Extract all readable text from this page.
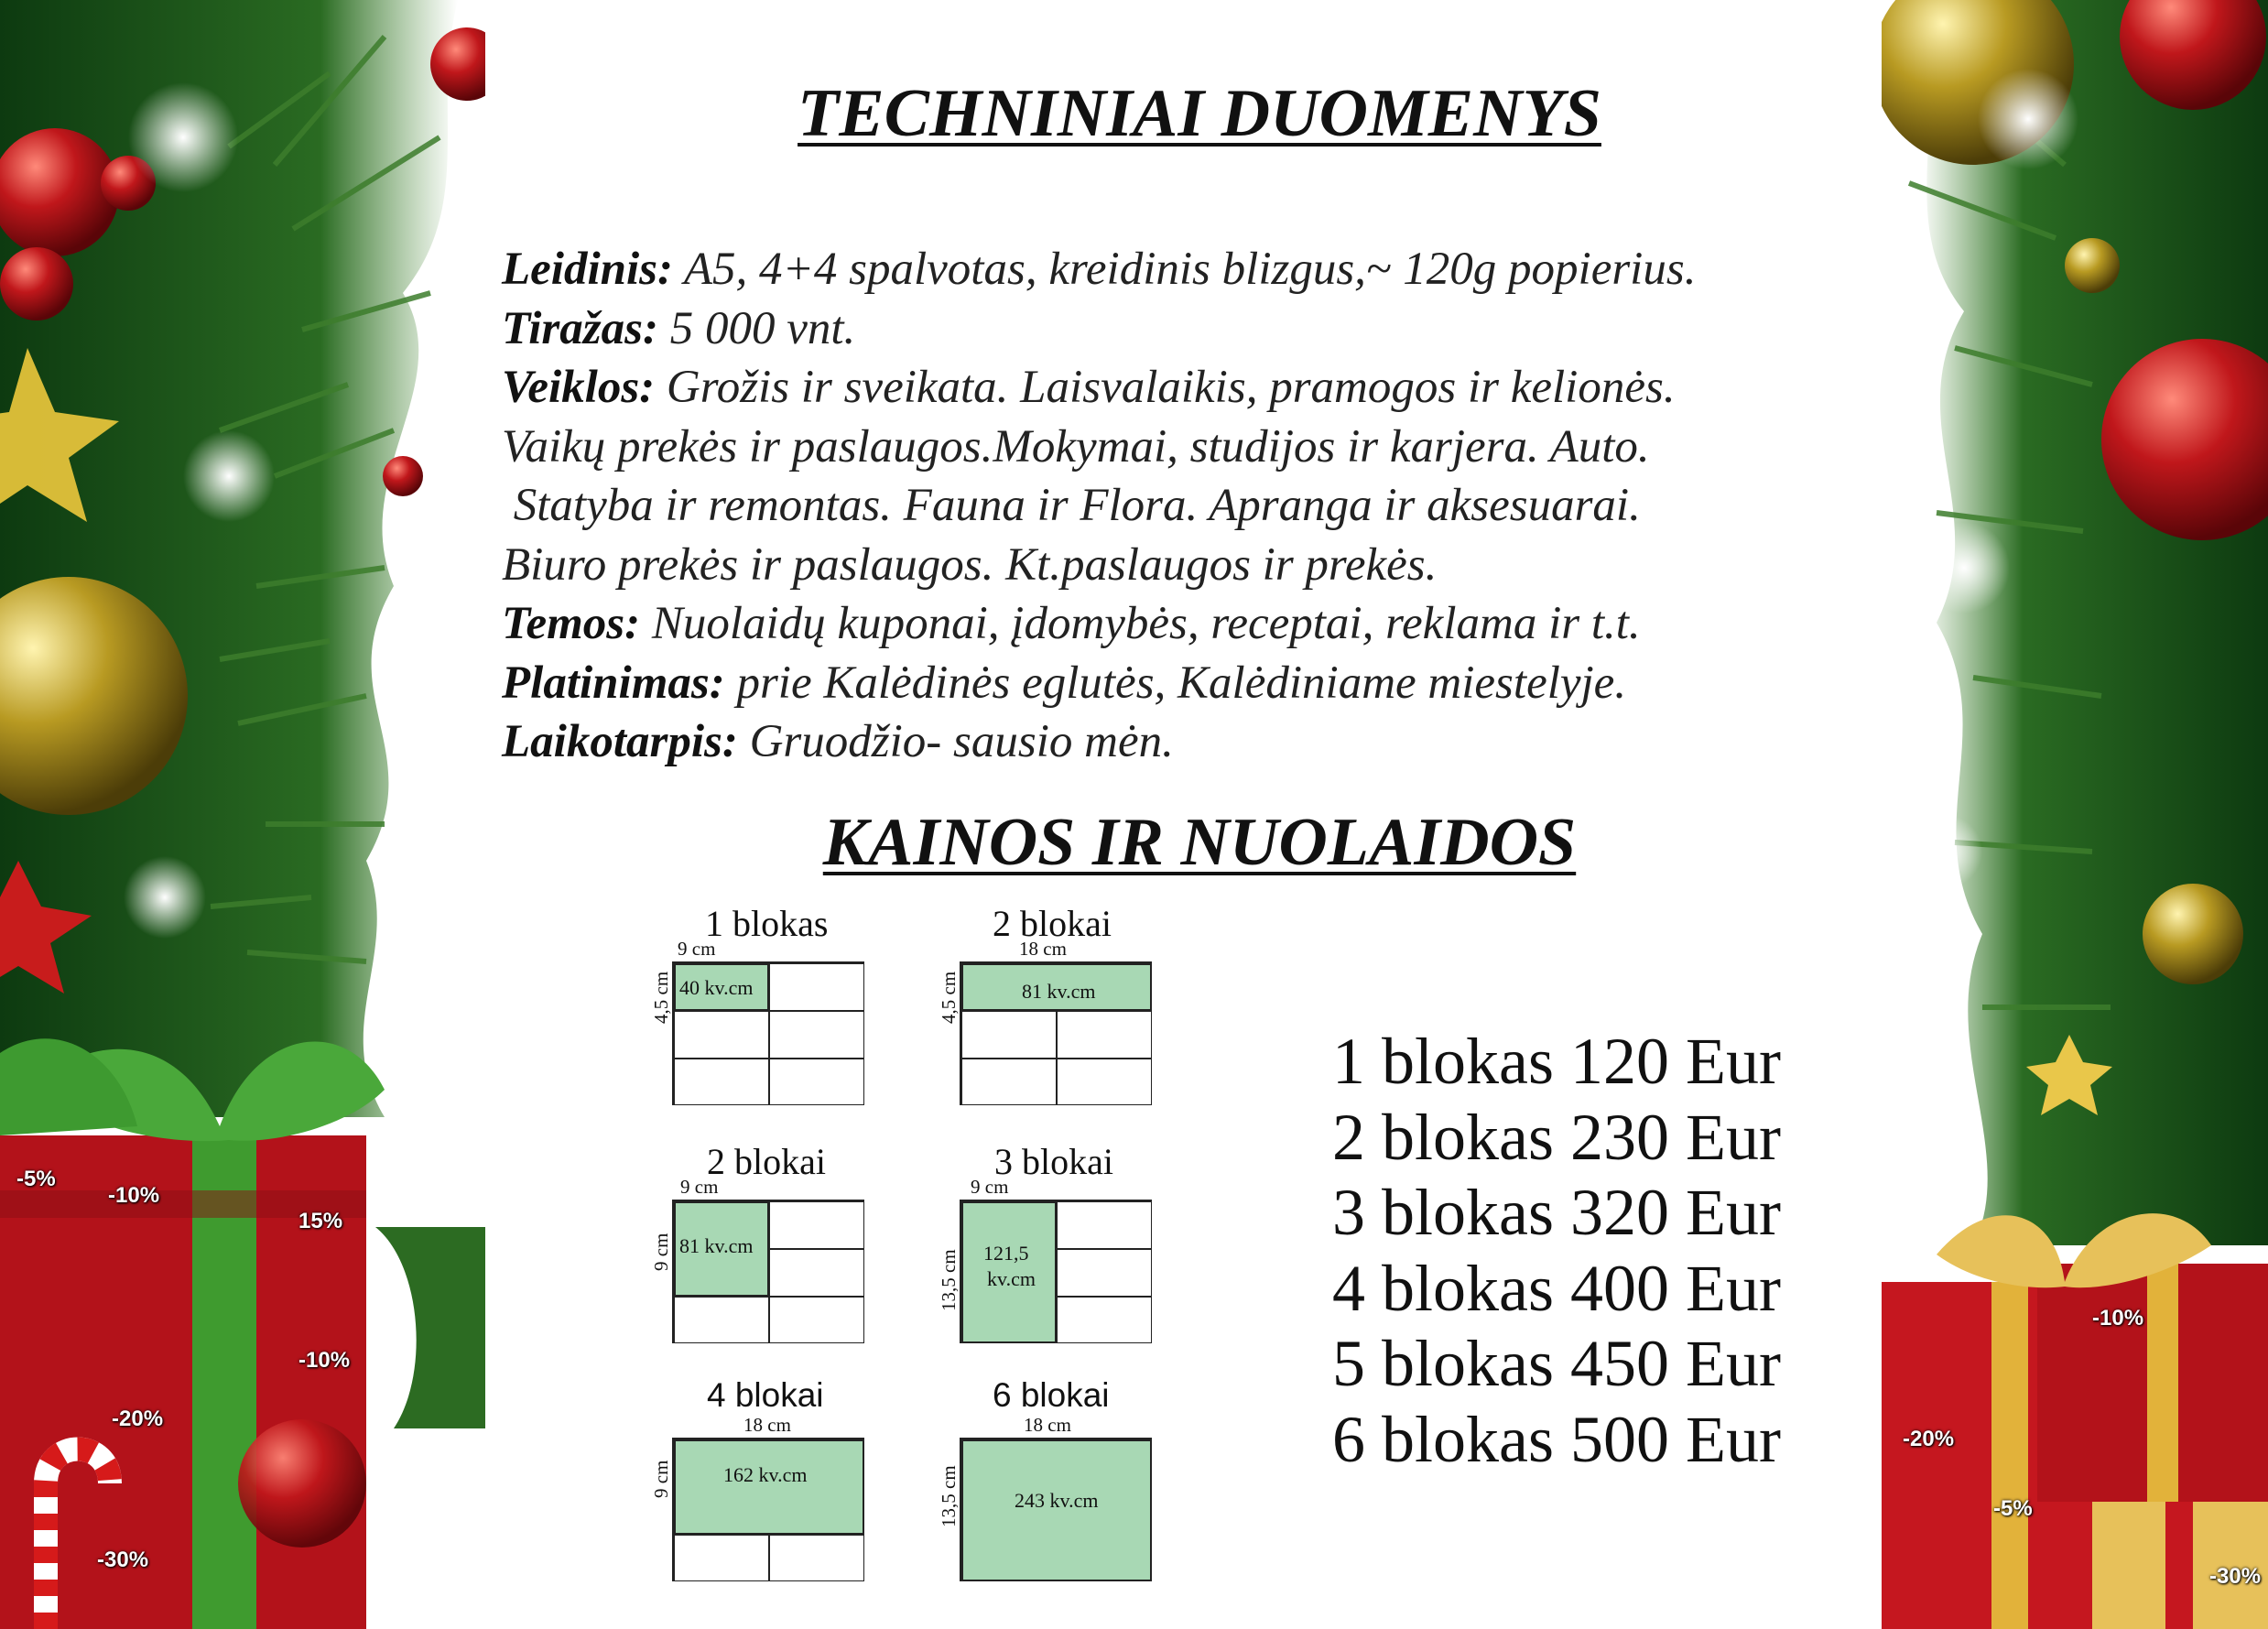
-5%
-10%
15%
-10%
-20%
-30%
-10%
-20%
-5%
-30%
TECHNINIAI DUOMENYS
KAINOS IR NUOLAIDOS
Leidinis: A5, 4+4 spalvotas, kreidinis blizgus,~ 120g popierius.
Tiražas: 5 000 vnt.
Veiklos: Grožis ir sveikata. Laisvalaikis, pramogos ir kelionės.
Vaikų prekės ir paslaugos.Mokymai, studijos ir karjera. Auto.
Statyba ir remontas. Fauna ir Flora. Apranga ir aksesuarai.
Biuro prekės ir paslaugos. Kt.paslaugos ir prekės.
Temos: Nuolaidų kuponai, įdomybės, receptai, reklama ir t.t.
Platinimas: prie Kalėdinės eglutės, Kalėdiniame miestelyje.
Laikotarpis: Gruodžio- sausio mėn.
1 blokas
9 cm
4,5 cm 40 kv.cm
2 blokai
18 cm
4,5 cm	81 kv.cm
2 blokai
9 cm
9 cm 81 kv.cm
3 blokai
9 cm
13,5 cm 121,5
kv.cm
4 blokai
18 cm
9 cm	162 kv.cm
6 blokai
18 cm
13,5 cm	243 kv.cm
1 blokas 120 Eur
2 blokas 230 Eur
3 blokas 320 Eur
4 blokas 400 Eur
5 blokas 450 Eur
6 blokas 500 Eur
